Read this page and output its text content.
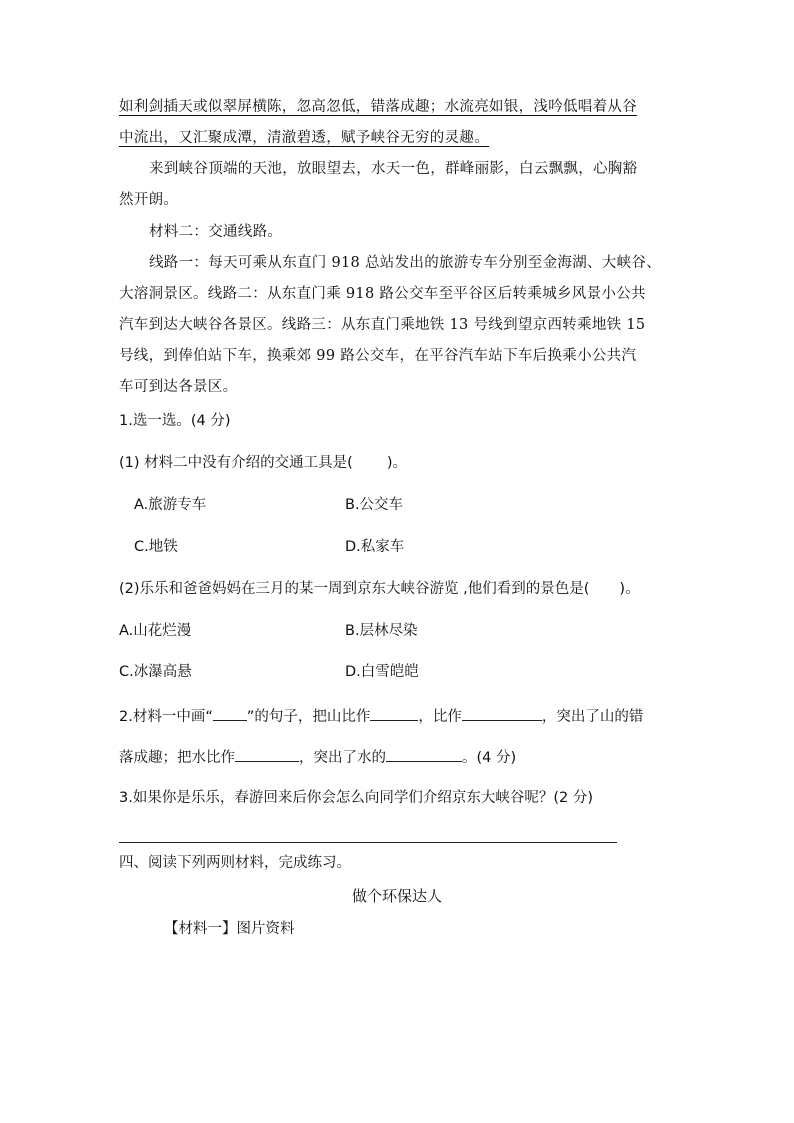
如利剑插天或似翠屏横陈，忽高忽低，错落成趣；水流亮如银，浅吟低唱着从谷
中流出，又汇聚成潭，清澈碧透，赋予峡谷无穷的灵趣。
来到峡谷顶端的天池，放眼望去，水天一色，群峰丽影，白云飘飘，心胸豁
然开朗。
材料二：交通线路。
线路一：每天可乘从东直门 918 总站发出的旅游专车分别至金海湖、大峡谷、
大溶洞景区。线路二：从东直门乘 918 路公交车至平谷区后转乘城乡风景小公共
汽车到达大峡谷各景区。线路三：从东直门乘地铁 13 号线到望京西转乘地铁 15
号线，到俸伯站下车，换乘郊 99 路公交车，在平谷汽车站下车后换乘小公共汽
车可到达各景区。
1.选一选。(4 分)
(1) 材料二中没有介绍的交通工具是( )。
A.旅游专车	B.公交车
C.地铁	D.私家车
(2)乐乐和爸爸妈妈在三月的某一周到京东大峡谷游览 ,他们看到的景色是( )。
A.山花烂漫	B.层林尽染
C.冰瀑高悬	D.白雪皑皑
2.材料一中画“ ”的句子，把山比作	，比作	，突出了山的错
落成趣；把水比作	，突出了水的	。(4 分)
3.如果你是乐乐，春游回来后你会怎么向同学们介绍京东大峡谷呢？(2 分)
四、阅读下列两则材料，完成练习。
做个环保达人
【材料一】图片资料
